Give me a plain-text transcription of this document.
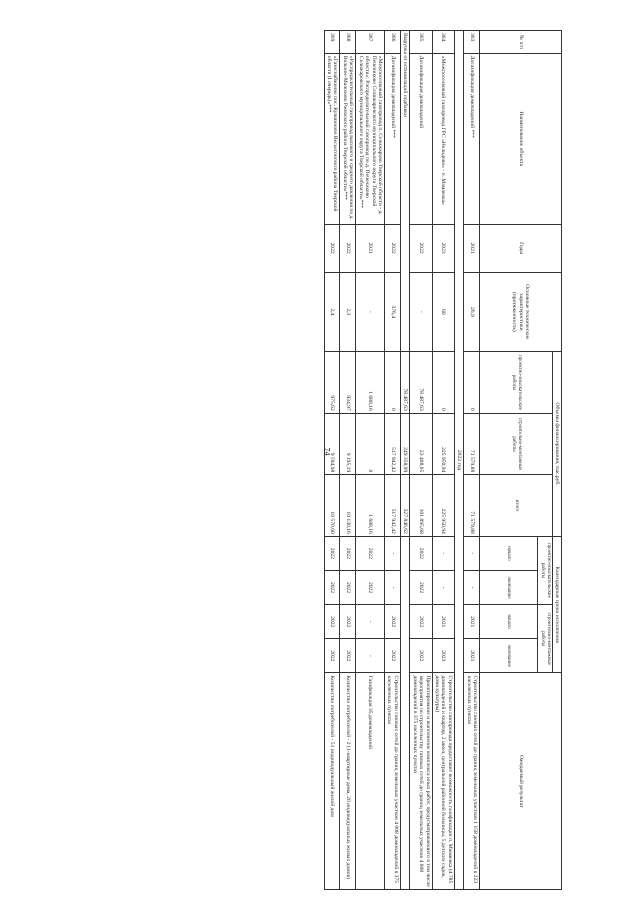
74
№ п/п	Наименование объекта	Годы	Основные технические характеристики (протяженность)	Объемы финансирования, тыс.руб.			Календарные сроки исполнения				Ожидаемый результат
				проектно-изыскательские работы	строительно-монтажные работы	итого	проектно-изыскательские работы		строительно-монтажные работы		
							начало	окончание	начало	окончание	
363	Догазификация домовладений ***	2021	26,9	0	71 579,88	71 579,88	-	-	2021	2021	Строительство газовых сетей до границ земельных участков 1 158 домовладений в 223 населенных пунктах
2022 год											
364	«Межпоселковый газопровод ГРС «Нелидово» - п. Мамаевка»	2023	60	0	225 950,94	225 950,94	-	-	2021	2023	Строительство газопровода предоставит возможность газификации п. Мамаевка (4 785 домовладений и квартир, 2 школ, центральной районной больницы, 5 детских садов, дома культуры)
365	Догазификация домовладений	2022	-	78 487,63	23 408,05	101 895,68	2022	2022	2022	2022	Проектирование и выполнение комплекса иных работ, предусматривающего в том числе мероприятия по строительству газовых сетей до границ земельных участков 4 008 домовладений в 375 населенных пунктах
Выручка от оптимизаций подбавки				78 487,63	249 358,99	327 846,62					
366	Догазификация домовладений ***	2022	376,4	0	517 942,42	517 942,42	-	-	2022	2022	Строительство газовых сетей до границ земельных участков 4 008 домовладений в 375 населенных пунктах
367	«Межпоселковый газопровод п. Селижарово Тверской области - д. Печениково Селижаровского муниципального округа Тверской области»; Распределительный газопровод по д. Печениково Селижаровского муниципального округа Тверской области»***	2021	-	1 688,16	0	1 688,16	2022	2022	-	-	Газификация 35 домовладений
368	«Распределительный газопровод высокого и среднего давления по д. Вольное-Малохово Ржевского района Тверской области»***	2022	2,3	934,97	9 195,19	10 130,16	2022	2022	2022	2022	Количество потребителей - 2 (1-квартирные дома, 20 индивидуальных жилых домов)
369	«Газоснабжение пос. Кувшиново Весьегонского района Тверской области (I очередь)»***	2022	2,4	975,62	9 594,98	10 570,60	2022	2022	2022	2022	Количество потребителей - 51 индивидуальный жилой дом
